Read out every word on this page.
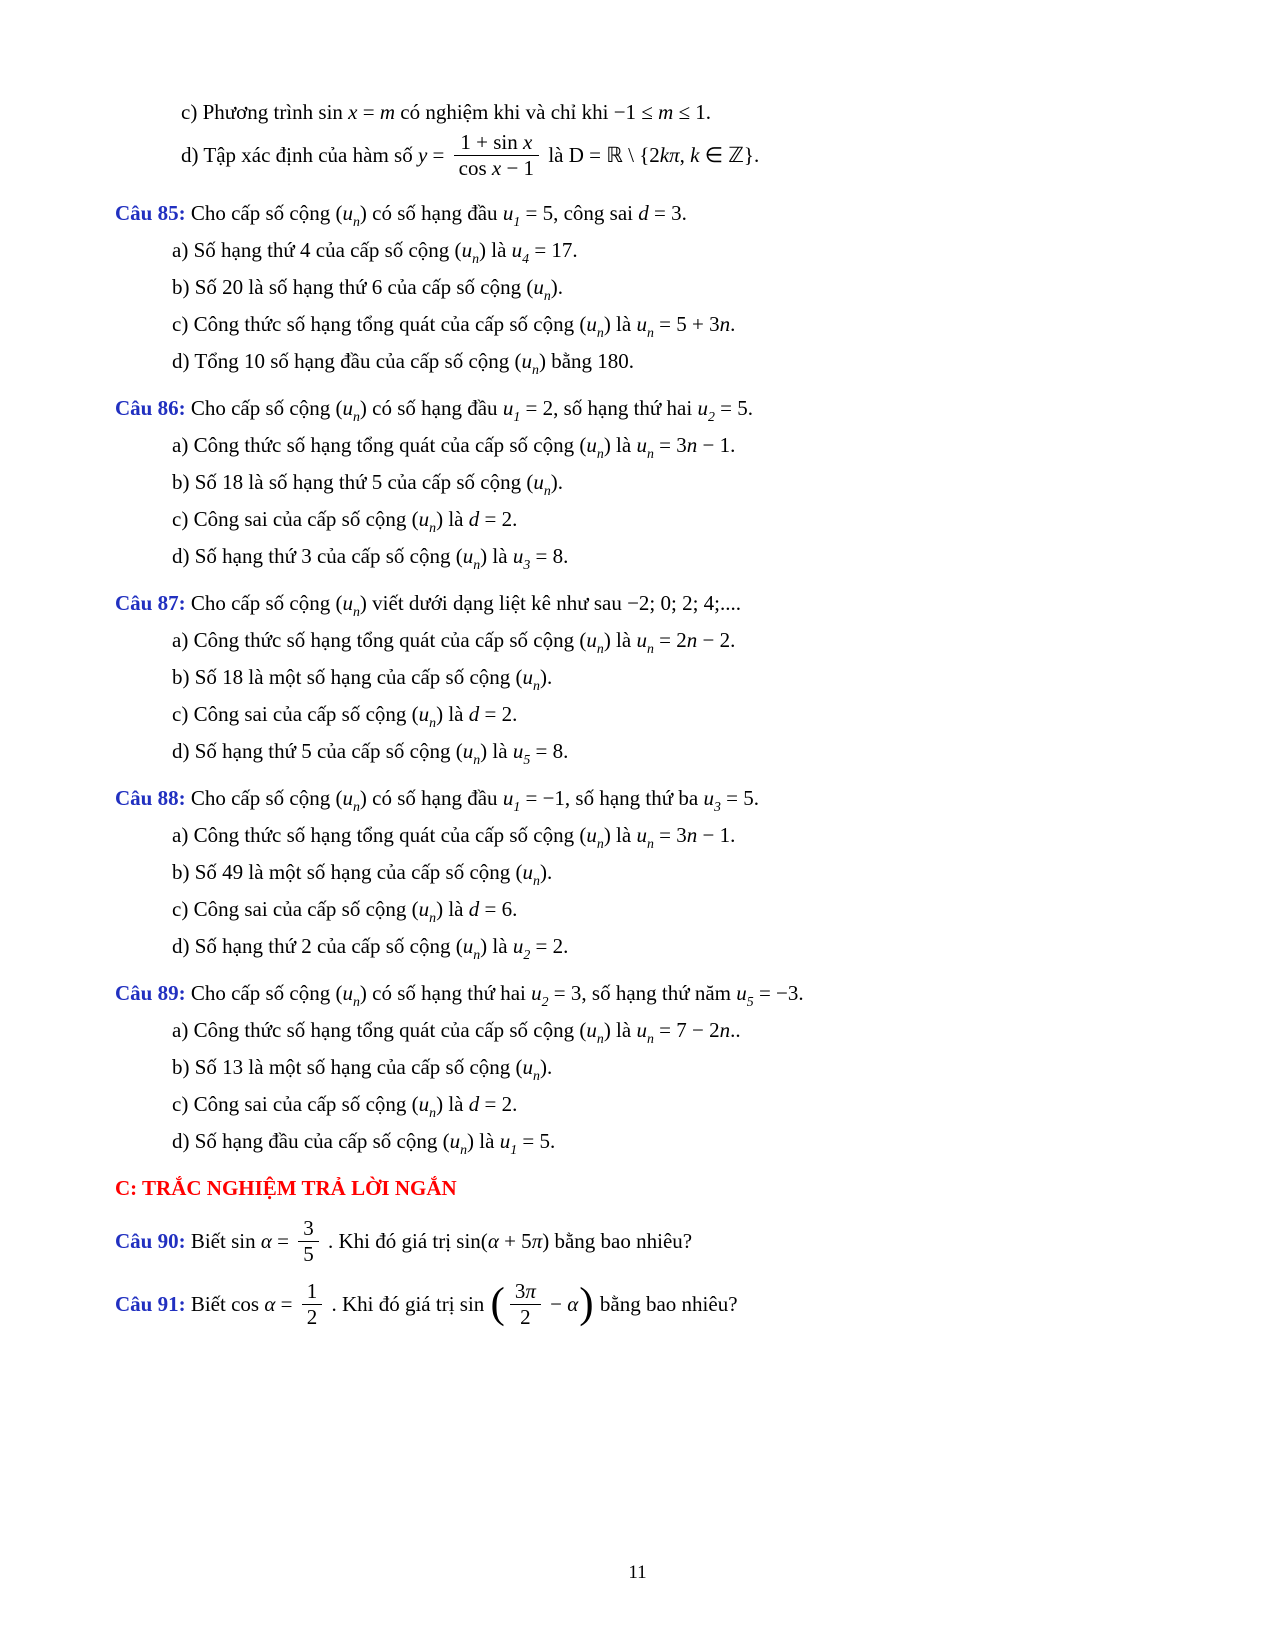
c) Phương trình sin x = m có nghiệm khi và chỉ khi −1 ≤ m ≤ 1.
d) Tập xác định của hàm số $y = \frac{\text{1 + sin x}}{\text{cos x − 1}}$ là D = ℝ \ {2kπ, k ∈ ℤ}.
Câu 85: Cho cấp số cộng $(u_n)$ có số hạng đầu $u_1 = 5$, công sai d = 3.
a) Số hạng thứ 4 của cấp số cộng $(u_n)$ là $u_4 = 17$.
b) Số 20 là số hạng thứ 6 của cấp số cộng $(u_n)$.
c) Công thức số hạng tổng quát của cấp số cộng $(u_n)$ là $u_n = 5 + 3n$.
d) Tổng 10 số hạng đầu của cấp số cộng $(u_n)$ bằng 180.
Câu 86: Cho cấp số cộng $(u_n)$ có số hạng đầu $u_1 = 2$, số hạng thứ hai $u_2 = 5$.
a) Công thức số hạng tổng quát của cấp số cộng $(u_n)$ là $u_n = 3n - 1$.
b) Số 18 là số hạng thứ 5 của cấp số cộng $(u_n)$.
c) Công sai của cấp số cộng $(u_n)$ là d = 2.
d) Số hạng thứ 3 của cấp số cộng $(u_n)$ là $u_3 = 8$.
Câu 87: Cho cấp số cộng $(u_n)$ viết dưới dạng liệt kê như sau −2; 0; 2; 4;....
a) Công thức số hạng tổng quát của cấp số cộng $(u_n)$ là $u_n = 2n - 2$.
b) Số 18 là một số hạng của cấp số cộng $(u_n)$.
c) Công sai của cấp số cộng $(u_n)$ là d = 2.
d) Số hạng thứ 5 của cấp số cộng $(u_n)$ là $u_5 = 8$.
Câu 88: Cho cấp số cộng $(u_n)$ có số hạng đầu $u_1 = -1$, số hạng thứ ba $u_3 = 5$.
a) Công thức số hạng tổng quát của cấp số cộng $(u_n)$ là $u_n = 3n - 1$.
b) Số 49 là một số hạng của cấp số cộng $(u_n)$.
c) Công sai của cấp số cộng $(u_n)$ là d = 6.
d) Số hạng thứ 2 của cấp số cộng $(u_n)$ là $u_2 = 2$.
Câu 89: Cho cấp số cộng $(u_n)$ có số hạng thứ hai $u_2 = 3$, số hạng thứ năm $u_5 = -3$.
a) Công thức số hạng tổng quát của cấp số cộng $(u_n)$ là $u_n = 7 - 2n$..
b) Số 13 là một số hạng của cấp số cộng $(u_n)$.
c) Công sai của cấp số cộng $(u_n)$ là d = 2.
d) Số hạng đầu của cấp số cộng $(u_n)$ là $u_1 = 5$.
C: TRẮC NGHIỆM TRẢ LỜI NGẮN
Câu 90: Biết $\sin \alpha = \frac{3}{5}$ . Khi đó giá trị sin(α + 5π) bằng bao nhiêu?
Câu 91: Biết $\cos \alpha = \frac{1}{2}$ . Khi đó giá trị sin ( $\frac{3\pi}{2} - \alpha$) bằng bao nhiêu?
11
